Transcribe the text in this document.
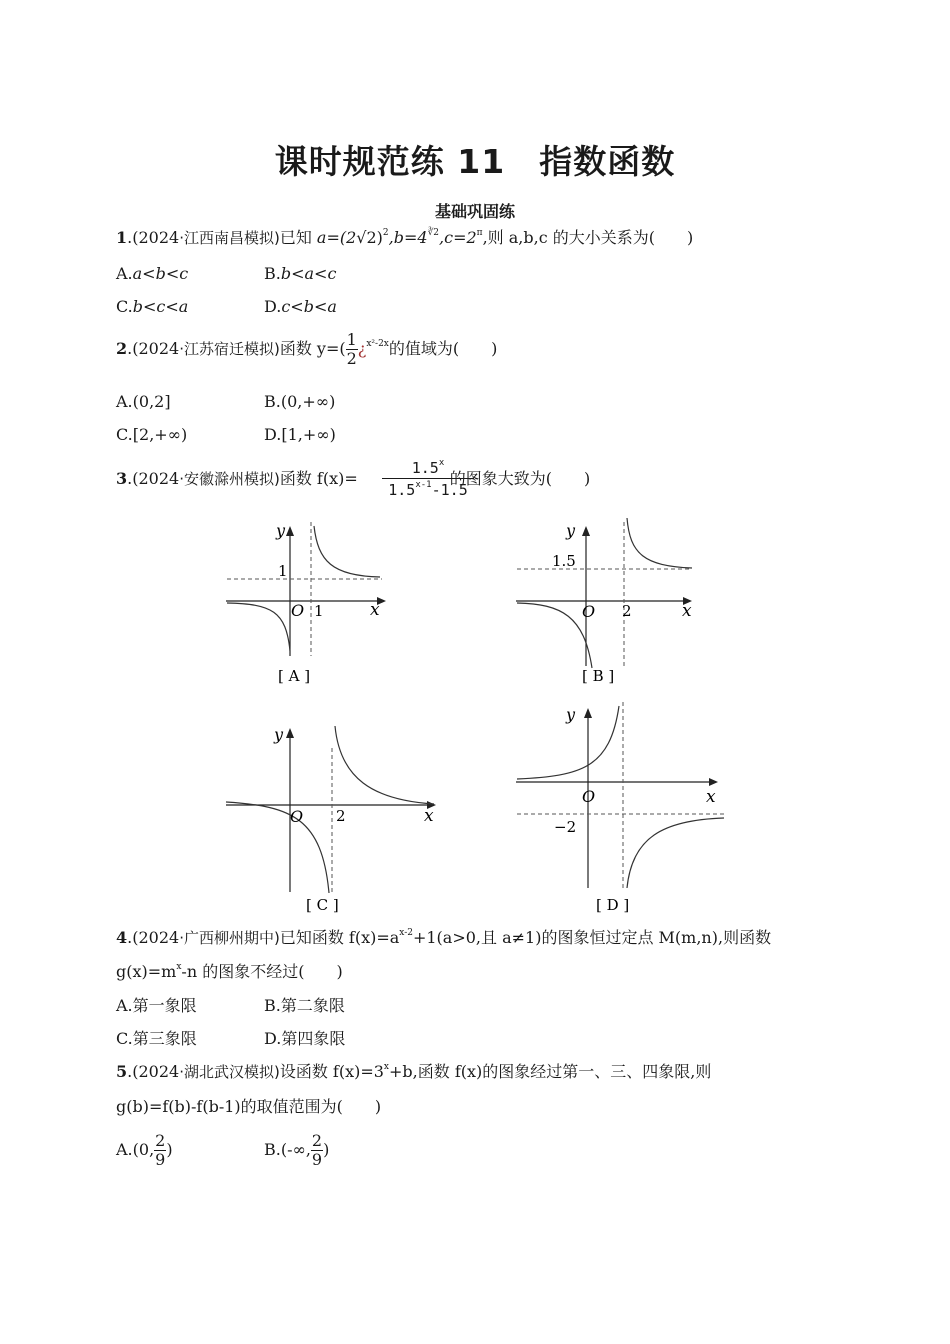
课时规范练 11 指数函数
基础巩固练
1.(2024·江西南昌模拟)已知 $a=(2√2)^2,b=4^{∛2},c=2^\pi$,则 a,b,c 的大小关系为(　　)
A.a<b<c	B.b<a<c
C.b<c<a	D.c<b<a
2.(2024·江苏宿迁模拟)函数 $y=( \frac{1}{2}$ ¿$^{x^2-2x}$的值域为(　　)
A.(0,2]	B.(0,+∞)
C.[2,+∞)	D.[1,+∞)
3.(2024·安徽滁州模拟)函数 f(x)=	的图象大致为(　　)
1.5$^x$
1.5$^{x-1}$-1.5
y
x
O 1
1
[ A ]
y
x
O 2
1.5
[ B ]
y
x
O 2
[ C ]
y
x
O
−2
[ D ]
4.(2024·广西柳州期中)已知函数 $f(x)=a^{x-2}+1(a>0$,且 a≠1)的图象恒过定点 M(m,n),则函数
$g(x)=m^x-n$ 的图象不经过(　　)
A.第一象限	B.第二象限
C.第三象限	D.第四象限
5.(2024·湖北武汉模拟)设函数 $f(x)=3^x+b$,函数 f(x)的图象经过第一、三、四象限,则
g(b)=f(b)-f(b-1)的取值范围为(　　)
A.(0, $\frac{2}{9}$ )	B.(-∞, $\frac{2}{9}$ )
